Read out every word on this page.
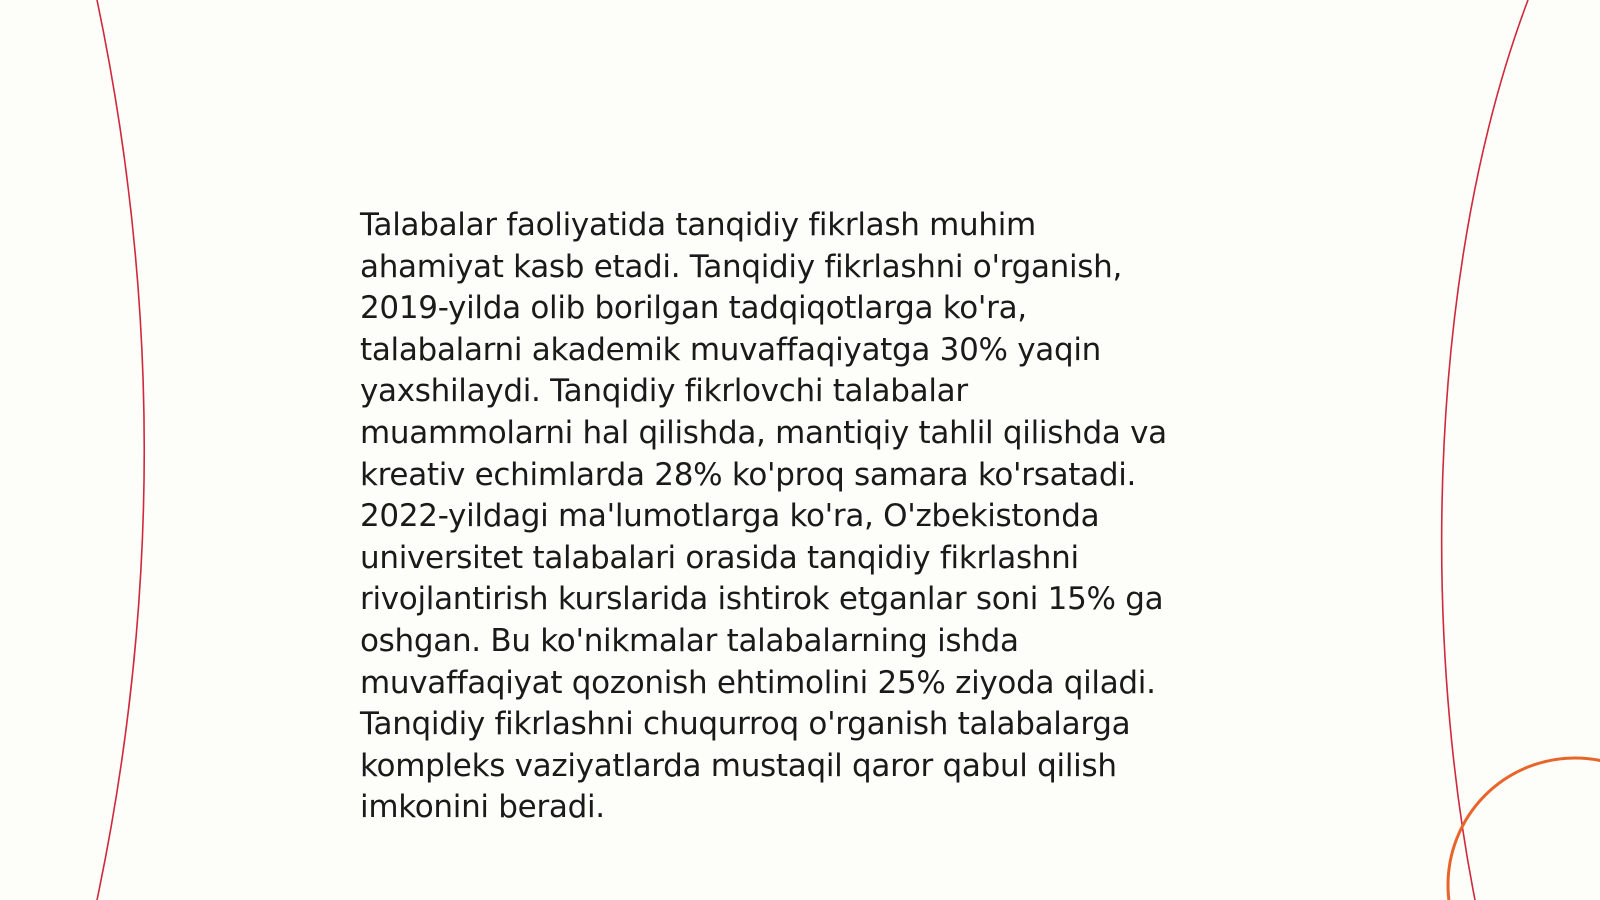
Talabalar faoliyatida tanqidiy fikrlash muhim
ahamiyat kasb etadi. Tanqidiy fikrlashni o'rganish,
2019-yilda olib borilgan tadqiqotlarga ko'ra,
talabalarni akademik muvaffaqiyatga 30% yaqin
yaxshilaydi. Tanqidiy fikrlovchi talabalar
muammolarni hal qilishda, mantiqiy tahlil qilishda va
kreativ echimlarda 28% ko'proq samara ko'rsatadi.
2022-yildagi ma'lumotlarga ko'ra, O'zbekistonda
universitet talabalari orasida tanqidiy fikrlashni
rivojlantirish kurslarida ishtirok etganlar soni 15% ga
oshgan. Bu ko'nikmalar talabalarning ishda
muvaffaqiyat qozonish ehtimolini 25% ziyoda qiladi.
Tanqidiy fikrlashni chuqurroq o'rganish talabalarga
kompleks vaziyatlarda mustaqil qaror qabul qilish
imkonini beradi.
